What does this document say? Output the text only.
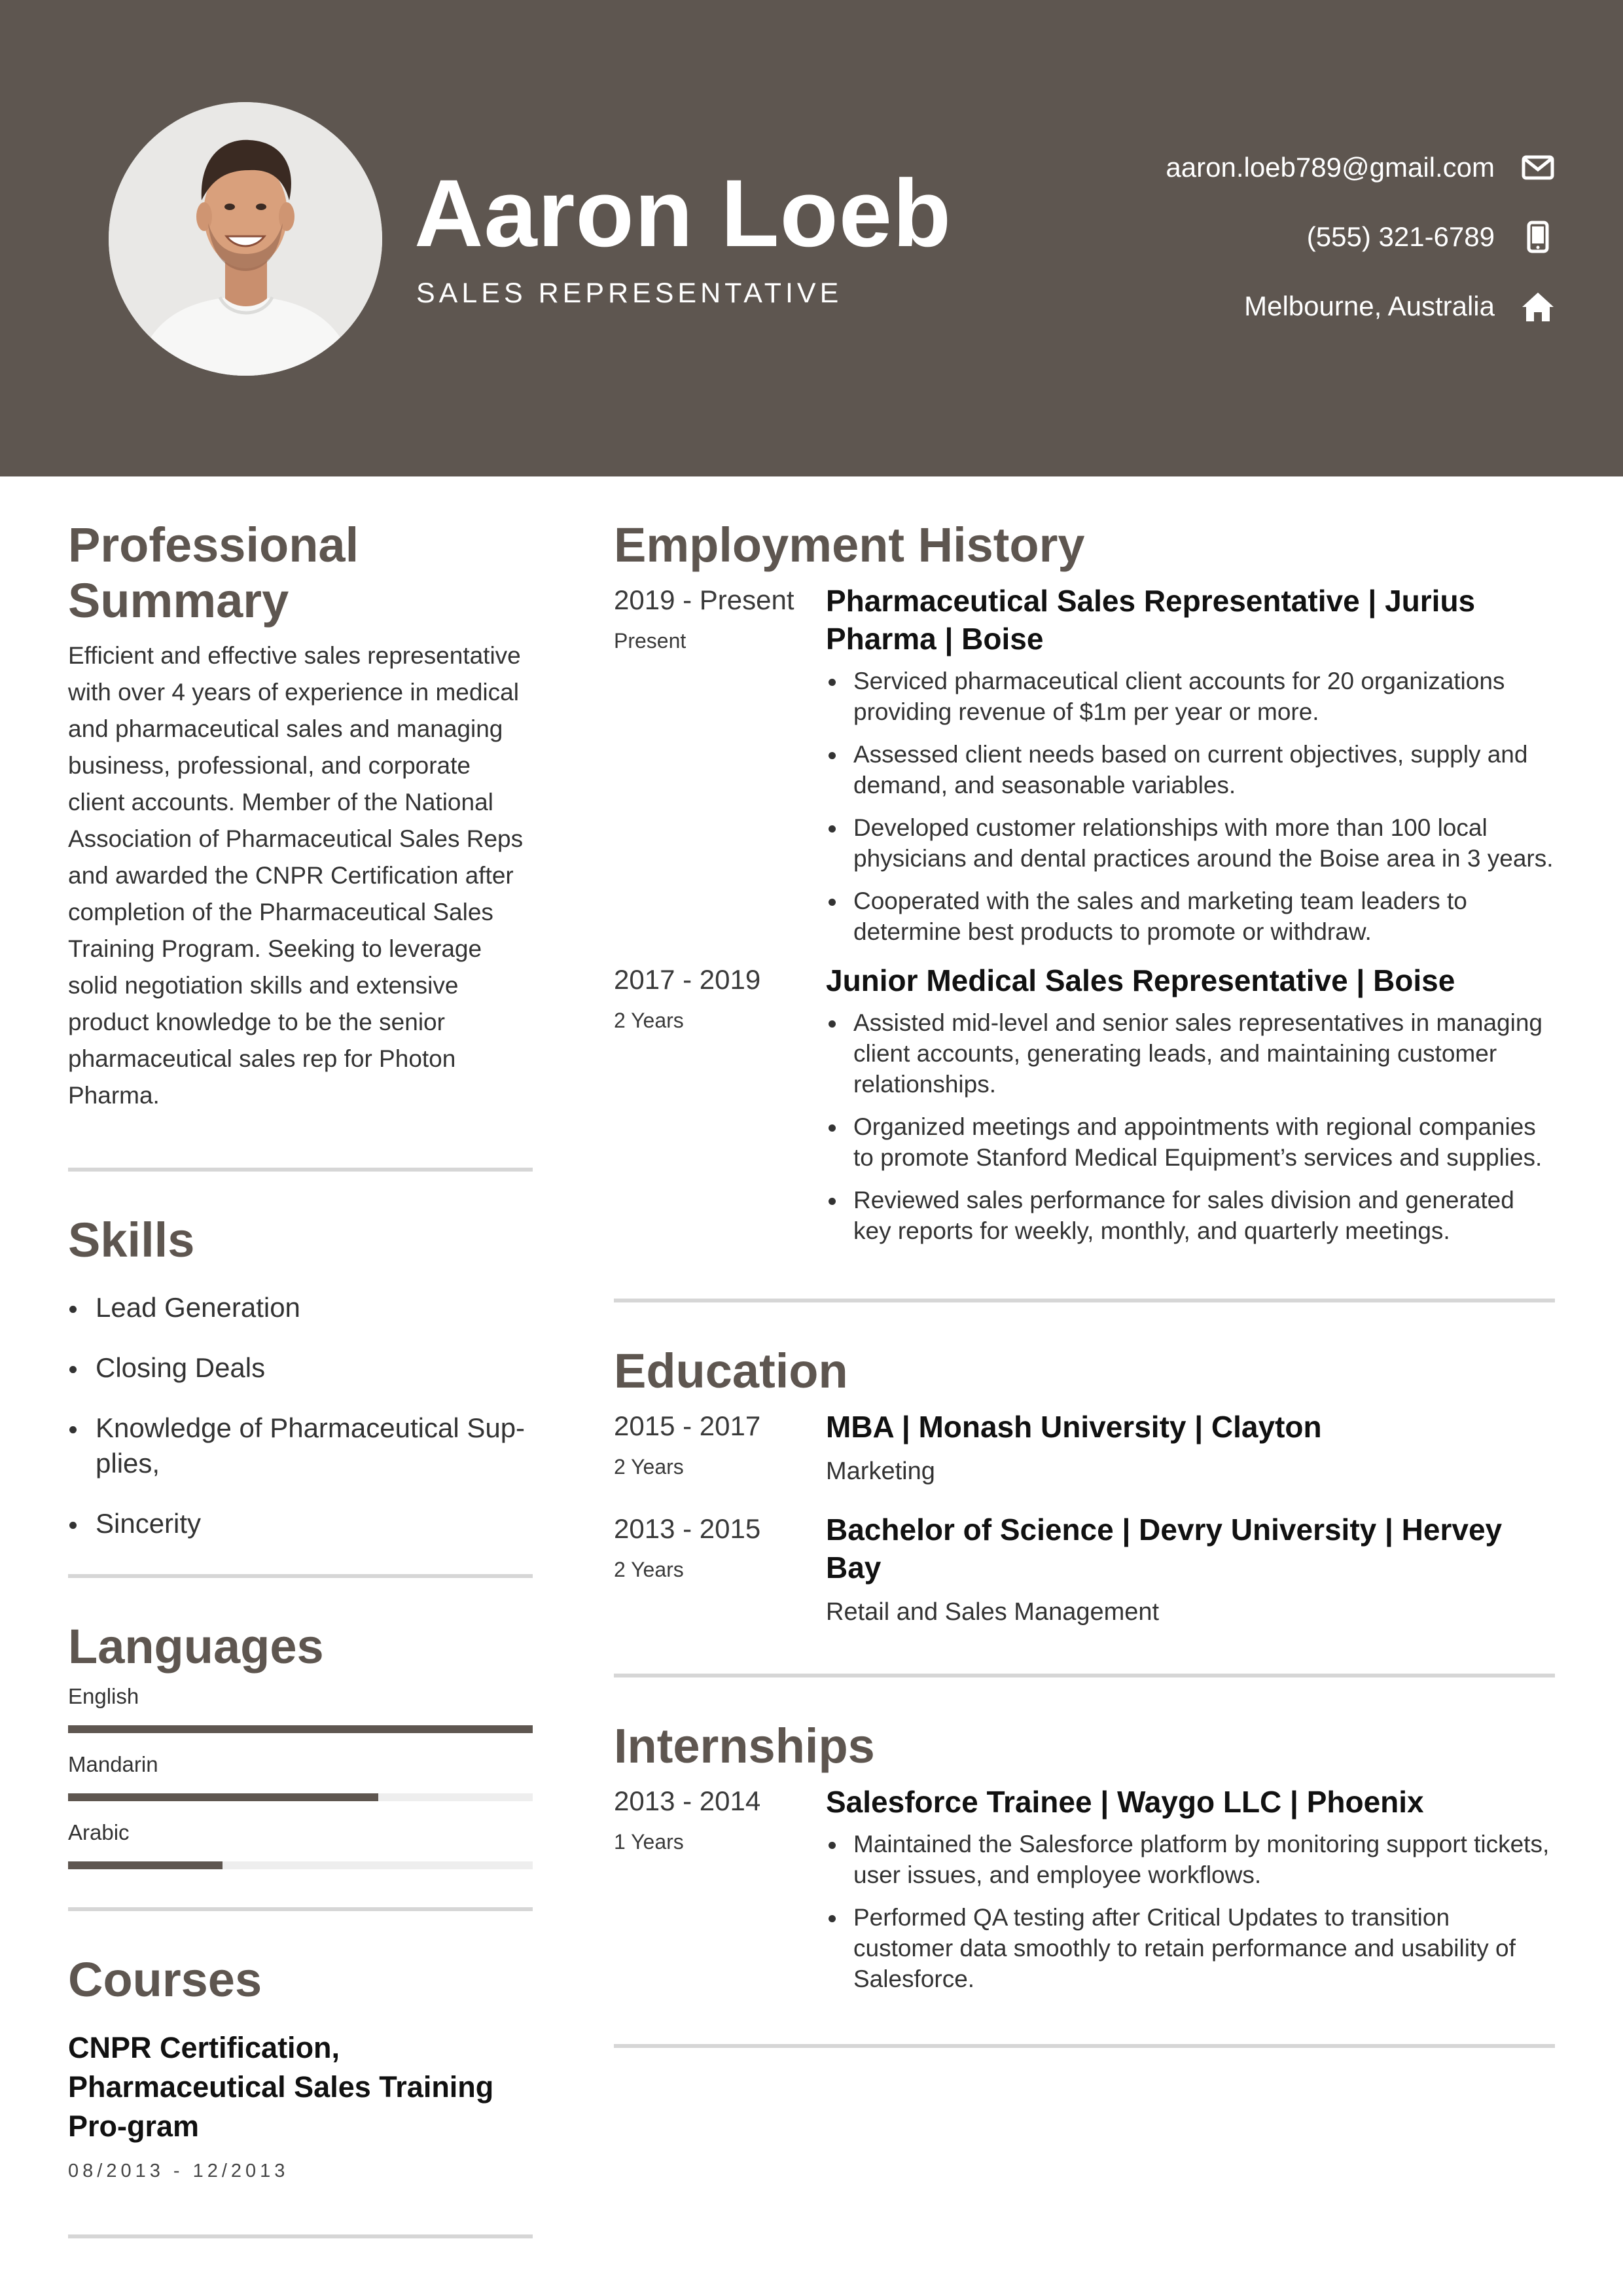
Aaron Loeb
SALES REPRESENTATIVE
aaron.loeb789@gmail.com
(555) 321-6789
Melbourne, Australia
Professional Summary

Efficient and effective sales representative with over 4 years of experience in medical and pharmaceutical sales and managing business, professional, and corporate client accounts. Member of the National Association of Pharmaceutical Sales Reps and awarded the CNPR Certification after completion of the Pharmaceutical Sales Training Program. Seeking to leverage solid negotiation skills and extensive product knowledge to be the senior pharmaceutical sales rep for Photon Pharma.

Skills
Lead Generation
Closing Deals
Knowledge of Pharmaceutical Sup-plies,
Sincerity
Languages
English
Mandarin
Arabic
Courses
CNPR Certification, Pharmaceutical Sales Training Pro-gram
08/2013 - 12/2013
Employment History
2019 - Present
Present
Pharmaceutical Sales Representative | Jurius Pharma | Boise
Serviced pharmaceutical client accounts for 20 organizations providing revenue of $1m per year or more.
Assessed client needs based on current objectives, supply and demand, and seasonable variables.
Developed customer relationships with more than 100 local physicians and dental practices around the Boise area in 3 years.
Cooperated with the sales and marketing team leaders to determine best products to promote or withdraw.
2017 - 2019
2 Years
Junior Medical Sales Representative | Boise
Assisted mid-level and senior sales representatives in managing client accounts, generating leads, and maintaining customer relationships.
Organized meetings and appointments with regional companies to promote Stanford Medical Equipment’s services and supplies.
Reviewed sales performance for sales division and generated key reports for weekly, monthly, and quarterly meetings.
Education
2015 - 2017
2 Years
MBA | Monash University | Clayton
Marketing
2013 - 2015
2 Years
Bachelor of Science | Devry University | Hervey Bay
Retail and Sales Management
Internships
2013 - 2014
1 Years
Salesforce Trainee | Waygo LLC | Phoenix
Maintained the Salesforce platform by monitoring support tickets, user issues, and employee workflows.
Performed QA testing after Critical Updates to transition customer data smoothly to retain performance and usability of Salesforce.
